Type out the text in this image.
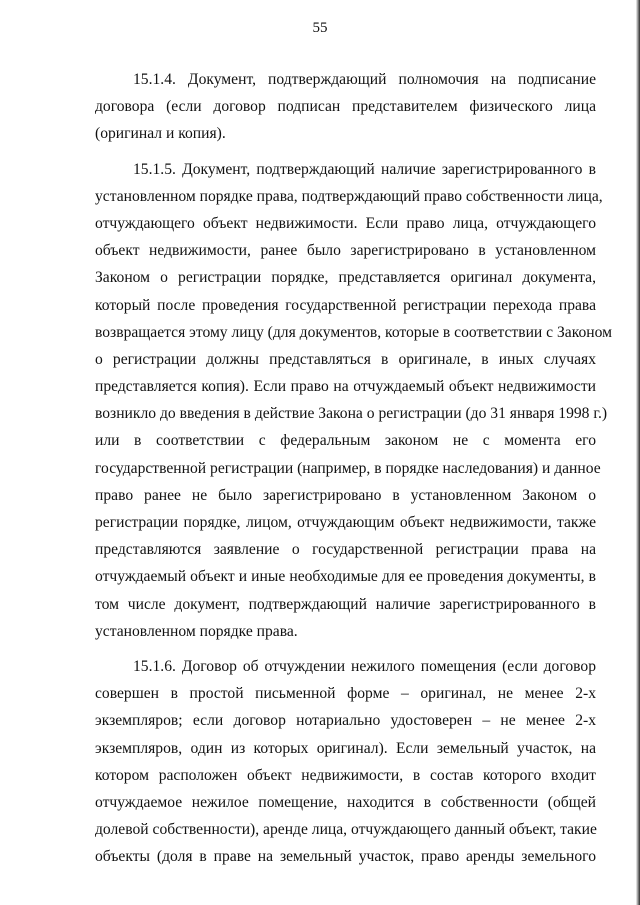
55
15.1.4. Документ, подтверждающий полномочия на подписание
договора (если договор подписан представителем физического лица
(оригинал и копия).
15.1.5. Документ, подтверждающий наличие зарегистрированного в
установленном порядке права, подтверждающий право собственности лица,
отчуждающего объект недвижимости. Если право лица, отчуждающего
объект недвижимости, ранее было зарегистрировано в установленном
Законом о регистрации порядке, представляется оригинал документа,
который после проведения государственной регистрации перехода права
возвращается этому лицу (для документов, которые в соответствии с Законом
о регистрации должны представляться в оригинале, в иных случаях
представляется копия). Если право на отчуждаемый объект недвижимости
возникло до введения в действие Закона о регистрации (до 31 января 1998 г.)
или в соответствии с федеральным законом не с момента его
государственной регистрации (например, в порядке наследования) и данное
право ранее не было зарегистрировано в установленном Законом о
регистрации порядке, лицом, отчуждающим объект недвижимости, также
представляются заявление о государственной регистрации права на
отчуждаемый объект и иные необходимые для ее проведения документы, в
том числе документ, подтверждающий наличие зарегистрированного в
установленном порядке права.
15.1.6. Договор об отчуждении нежилого помещения (если договор
совершен в простой письменной форме – оригинал, не менее 2-х
экземпляров; если договор нотариально удостоверен – не менее 2-х
экземпляров, один из которых оригинал). Если земельный участок, на
котором расположен объект недвижимости, в состав которого входит
отчуждаемое нежилое помещение, находится в собственности (общей
долевой собственности), аренде лица, отчуждающего данный объект, такие
объекты (доля в праве на земельный участок, право аренды земельного
